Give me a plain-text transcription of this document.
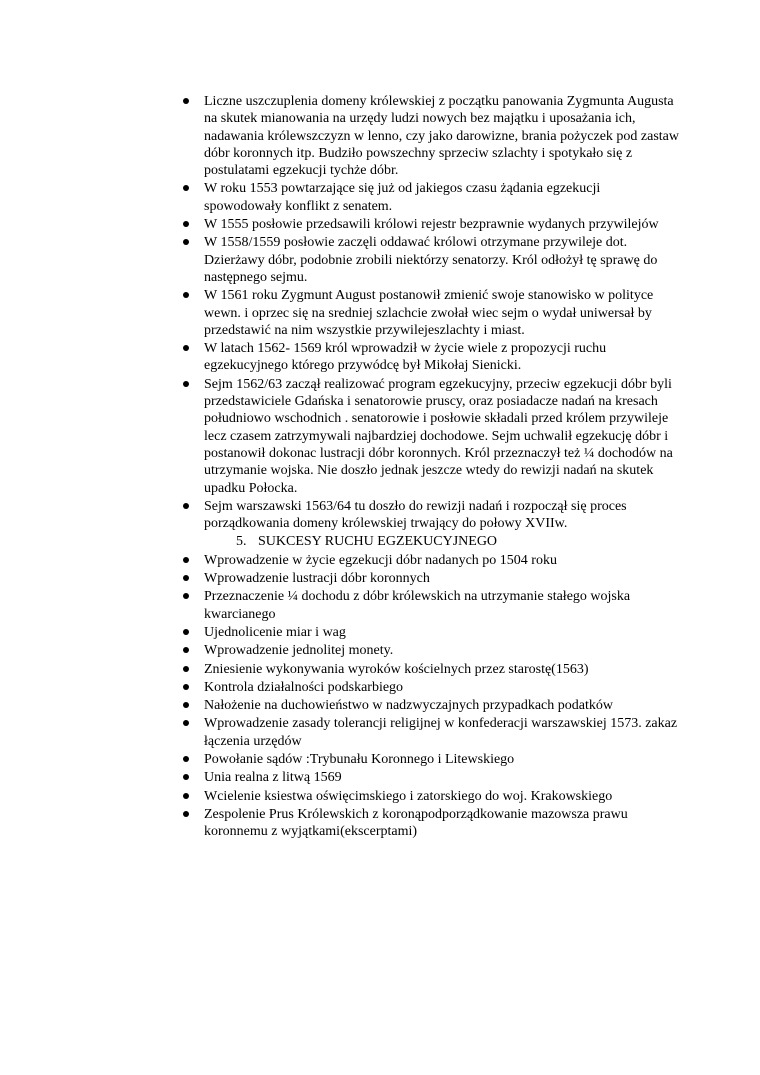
Liczne uszczuplenia domeny królewskiej z początku panowania Zygmunta Augusta na skutek mianowania na urzędy ludzi nowych bez majątku i uposażania ich, nadawania królewszczyzn w lenno, czy jako darowizne, brania pożyczek pod zastaw dóbr koronnych itp. Budziło powszechny sprzeciw szlachty i spotykało się z postulatami egzekucji tychże dóbr.
W roku 1553 powtarzające się już od jakiegos czasu żądania egzekucji spowodowały konflikt z senatem.
W 1555 posłowie przedsawili królowi rejestr bezprawnie wydanych przywilejów
W 1558/1559 posłowie zaczęli oddawać królowi otrzymane przywileje dot. Dzierżawy dóbr, podobnie zrobili niektórzy senatorzy. Król odłożył tę sprawę do następnego sejmu.
W 1561 roku Zygmunt August postanowił zmienić swoje stanowisko w polityce wewn. i oprzec się na sredniej szlachcie zwołał wiec sejm o wydał uniwersał by przedstawić na nim wszystkie przywilejeszlachty i miast.
W latach 1562- 1569 król wprowadził w życie wiele z propozycji ruchu egzekucyjnego którego przywódcę był Mikołaj Sienicki.
Sejm 1562/63 zaczął realizować program egzekucyjny, przeciw egzekucji dóbr byli przedstawiciele Gdańska i senatorowie pruscy, oraz posiadacze nadań na kresach południowo wschodnich . senatorowie i posłowie składali przed królem przywileje lecz czasem zatrzymywali najbardziej dochodowe. Sejm uchwalił egzekucję dóbr i postanowił dokonac lustracji dóbr koronnych. Król przeznaczył też ¼ dochodów na utrzymanie wojska. Nie doszło jednak jeszcze wtedy do rewizji nadań na skutek upadku Połocka.
Sejm warszawski 1563/64 tu doszło do rewizji nadań i rozpoczął się proces porządkowania domeny królewskiej trwający do połowy XVIIw.
5. SUKCESY RUCHU EGZEKUCYJNEGO
Wprowadzenie w życie egzekucji dóbr nadanych po 1504 roku
Wprowadzenie lustracji dóbr koronnych
Przeznaczenie ¼ dochodu z dóbr królewskich na utrzymanie stałego wojska kwarcianego
Ujednolicenie miar i wag
Wprowadzenie jednolitej monety.
Zniesienie wykonywania wyroków kościelnych przez starostę(1563)
Kontrola działalności podskarbiego
Nałożenie na duchowieństwo w nadzwyczajnych przypadkach podatków
Wprowadzenie zasady tolerancji religijnej w konfederacji warszawskiej 1573. zakaz łączenia urzędów
Powołanie sądów :Trybunału Koronnego i Litewskiego
Unia realna z litwą 1569
Wcielenie ksiestwa oświęcimskiego i zatorskiego do woj. Krakowskiego
Zespolenie Prus Królewskich z koronąpodporządkowanie mazowsza prawu koronnemu z wyjątkami(ekscerptami)
